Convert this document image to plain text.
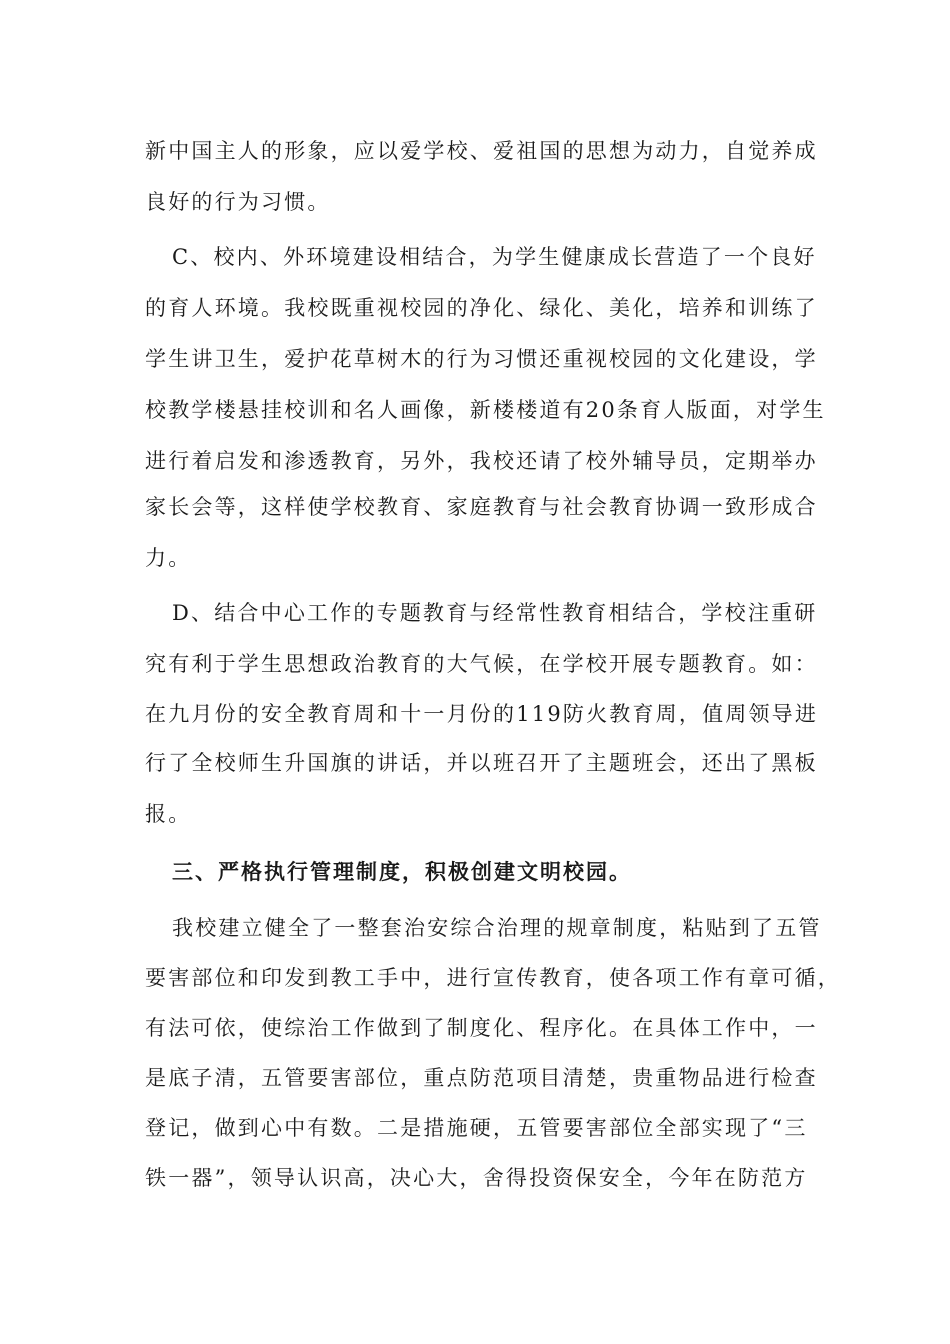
新中国主人的形象，应以爱学校、爱祖国的思想为动力，自觉养成
良好的行为习惯。
C、校内、外环境建设相结合，为学生健康成长营造了一个良好
的育人环境。我校既重视校园的净化、绿化、美化，培养和训练了
学生讲卫生，爱护花草树木的行为习惯还重视校园的文化建设，学
校教学楼悬挂校训和名人画像，新楼楼道有20条育人版面，对学生
进行着启发和渗透教育，另外，我校还请了校外辅导员，定期举办
家长会等，这样使学校教育、家庭教育与社会教育协调一致形成合
力。
D、结合中心工作的专题教育与经常性教育相结合，学校注重研
究有利于学生思想政治教育的大气候，在学校开展专题教育。如：
在九月份的安全教育周和十一月份的119防火教育周，值周领导进
行了全校师生升国旗的讲话，并以班召开了主题班会，还出了黑板
报。
三、严格执行管理制度，积极创建文明校园。
我校建立健全了一整套治安综合治理的规章制度，粘贴到了五管
要害部位和印发到教工手中，进行宣传教育，使各项工作有章可循，
有法可依，使综治工作做到了制度化、程序化。在具体工作中，一
是底子清，五管要害部位，重点防范项目清楚，贵重物品进行检查
登记，做到心中有数。二是措施硬，五管要害部位全部实现了“三
铁一器”，领导认识高，决心大，舍得投资保安全，今年在防范方
